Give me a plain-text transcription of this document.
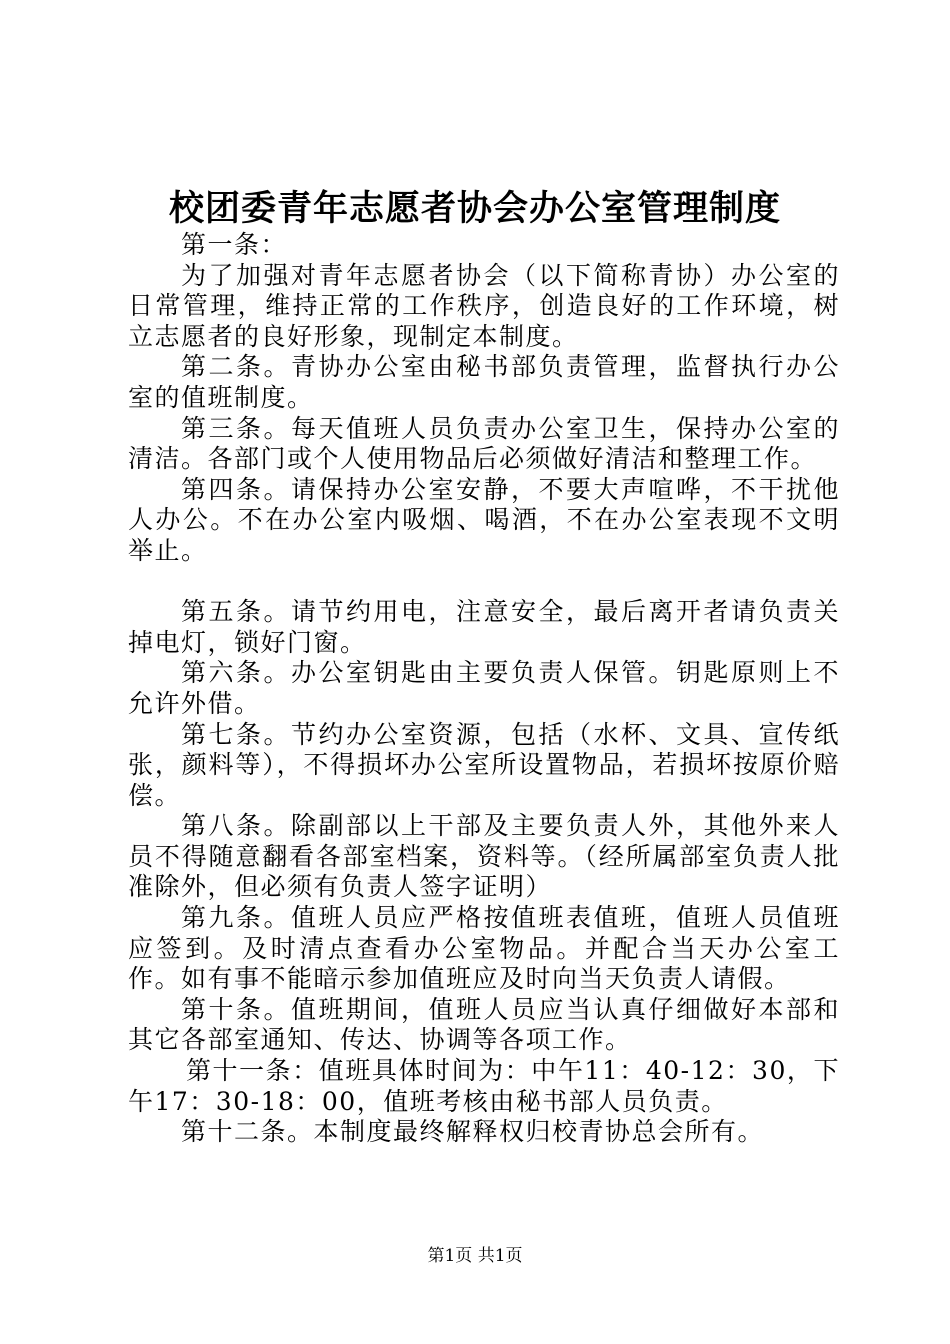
校团委青年志愿者协会办公室管理制度

第一条：

为了加强对青年志愿者协会（以下简称青协）办公室的日常管理，维持正常的工作秩序，创造良好的工作环境，树立志愿者的良好形象，现制定本制度。

第二条。青协办公室由秘书部负责管理，监督执行办公室的值班制度。

第三条。每天值班人员负责办公室卫生，保持办公室的清洁。各部门或个人使用物品后必须做好清洁和整理工作。

第四条。请保持办公室安静，不要大声喧哗，不干扰他人办公。不在办公室内吸烟、喝酒，不在办公室表现不文明举止。

第五条。请节约用电，注意安全，最后离开者请负责关掉电灯，锁好门窗。

第六条。办公室钥匙由主要负责人保管。钥匙原则上不允许外借。

第七条。节约办公室资源，包括（水杯、文具、宣传纸张，颜料等），不得损坏办公室所设置物品，若损坏按原价赔偿。

第八条。除副部以上干部及主要负责人外，其他外来人员不得随意翻看各部室档案，资料等。（经所属部室负责人批准除外，但必须有负责人签字证明）

第九条。值班人员应严格按值班表值班，值班人员值班应签到。及时清点查看办公室物品。并配合当天办公室工作。如有事不能暗示参加值班应及时向当天负责人请假。

第十条。值班期间，值班人员应当认真仔细做好本部和其它各部室通知、传达、协调等各项工作。

第十一条：值班具体时间为：中午11：40-12：30，下午17：30-18：00，值班考核由秘书部人员负责。

第十二条。本制度最终解释权归校青协总会所有。

第1页 共1页
